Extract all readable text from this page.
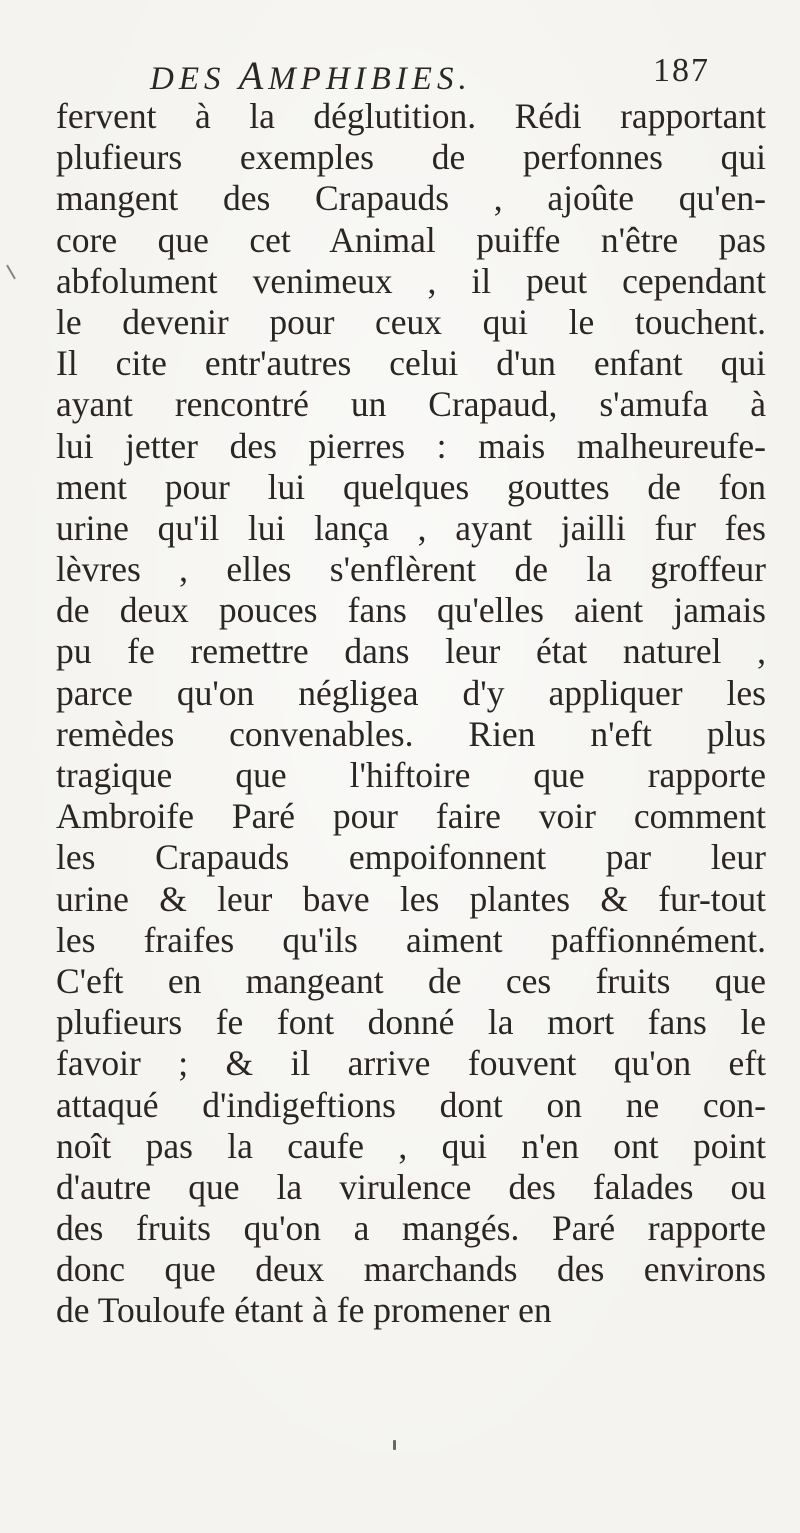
DES AMPHIBIES.	187
fervent à la déglutition. Rédi rapportant
plufieurs exemples de perfonnes qui
mangent des Crapauds , ajoûte qu'en-
core que cet Animal puiffe n'être pas
abfolument venimeux , il peut cependant
le devenir pour ceux qui le touchent.
Il cite entr'autres celui d'un enfant qui
ayant rencontré un Crapaud, s'amufa à
lui jetter des pierres : mais malheureufe-
ment pour lui quelques gouttes de fon
urine qu'il lui lança , ayant jailli fur fes
lèvres , elles s'enflèrent de la groffeur
de deux pouces fans qu'elles aient jamais
pu fe remettre dans leur état naturel ,
parce qu'on négligea d'y appliquer les
remèdes convenables. Rien n'eft plus
tragique que l'hiftoire que rapporte
Ambroife Paré pour faire voir comment
les Crapauds empoifonnent par leur
urine & leur bave les plantes & fur-tout
les fraifes qu'ils aiment paffionnément.
C'eft en mangeant de ces fruits que
plufieurs fe font donné la mort fans le
favoir ; & il arrive fouvent qu'on eft
attaqué d'indigeftions dont on ne con-
noît pas la caufe , qui n'en ont point
d'autre que la virulence des falades ou
des fruits qu'on a mangés. Paré rapporte
donc que deux marchands des environs
de Touloufe étant à fe promener en
